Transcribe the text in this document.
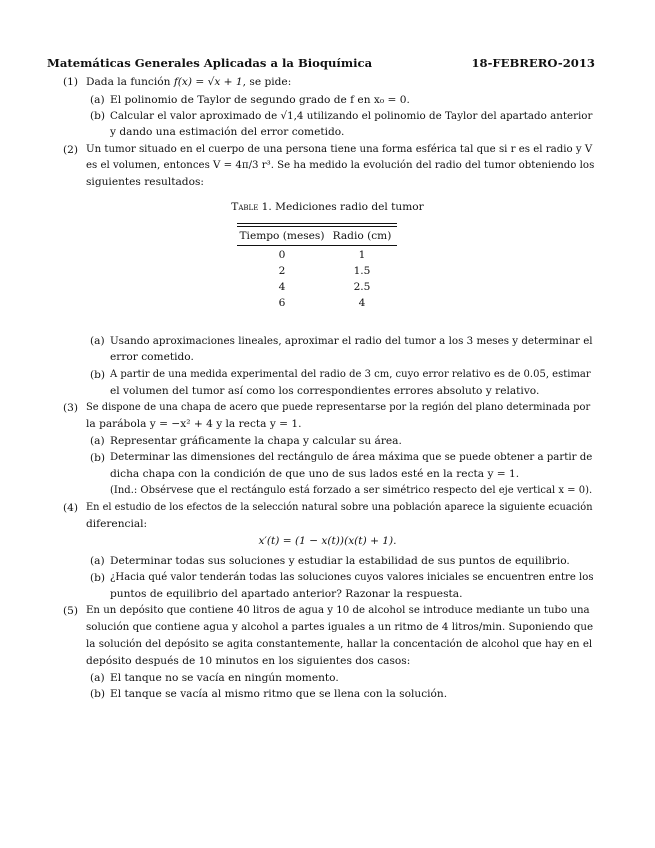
Matemáticas Generales Aplicadas a la Bioquímica	18-FEBRERO-2013
(1) Dada la función f(x) = √x + 1, se pide:
(a) El polinomio de Taylor de segundo grado de f en x₀ = 0.
(b) Calcular el valor aproximado de √1,4 utilizando el polinomio de Taylor del apartado anterior
y dando una estimación del error cometido.
(2) Un tumor situado en el cuerpo de una persona tiene una forma esférica tal que si r es el radio y V
es el volumen, entonces V = 4π/3 r³. Se ha medido la evolución del radio del tumor obteniendo los
siguientes resultados:
Table 1. Mediciones radio del tumor
Tiempo (meses) Radio (cm)
0	1
2	1.5
4	2.5
6	4
(a) Usando aproximaciones lineales, aproximar el radio del tumor a los 3 meses y determinar el
error cometido.
(b) A partir de una medida experimental del radio de 3 cm, cuyo error relativo es de 0.05, estimar
el volumen del tumor así como los correspondientes errores absoluto y relativo.
(3) Se dispone de una chapa de acero que puede representarse por la región del plano determinada por
la parábola y = −x² + 4 y la recta y = 1.
(a) Representar gráficamente la chapa y calcular su área.
(b) Determinar las dimensiones del rectángulo de área máxima que se puede obtener a partir de
dicha chapa con la condición de que uno de sus lados esté en la recta y = 1.
(Ind.: Obsérvese que el rectángulo está forzado a ser simétrico respecto del eje vertical x = 0).
(4) En el estudio de los efectos de la selección natural sobre una población aparece la siguiente ecuación
diferencial:
x′(t) = (1 − x(t))(x(t) + 1).
(a) Determinar todas sus soluciones y estudiar la estabilidad de sus puntos de equilibrio.
(b) ¿Hacia qué valor tenderán todas las soluciones cuyos valores iniciales se encuentren entre los
puntos de equilibrio del apartado anterior? Razonar la respuesta.
(5) En un depósito que contiene 40 litros de agua y 10 de alcohol se introduce mediante un tubo una
solución que contiene agua y alcohol a partes iguales a un ritmo de 4 litros/min. Suponiendo que
la solución del depósito se agita constantemente, hallar la concentación de alcohol que hay en el
depósito después de 10 minutos en los siguientes dos casos:
(a) El tanque no se vacía en ningún momento.
(b) El tanque se vacía al mismo ritmo que se llena con la solución.
